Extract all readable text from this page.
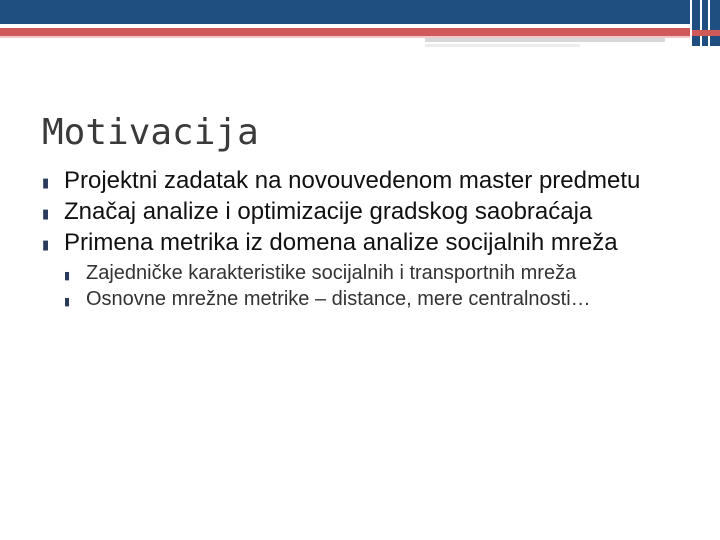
Motivacija
▮ Projektni zadatak na novouvedenom master predmetu
▮ Značaj analize i optimizacije gradskog saobraćaja
▮ Primena metrika iz domena analize socijalnih mreža
▮ Zajedničke karakteristike socijalnih i transportnih mreža
▮ Osnovne mrežne metrike – distance, mere centralnosti…
